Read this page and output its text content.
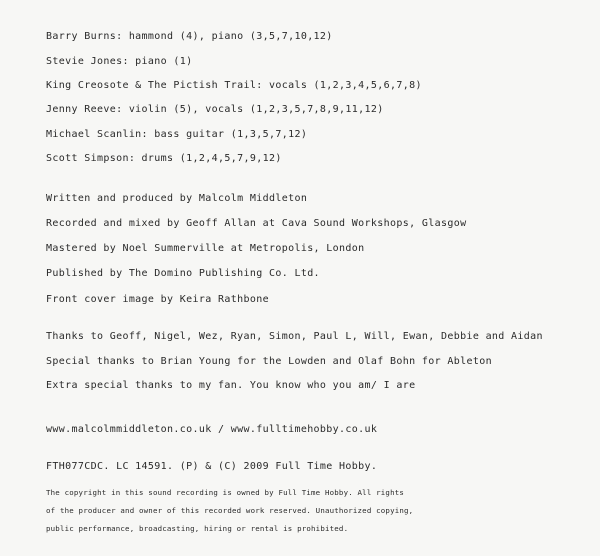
Barry Burns: hammond (4), piano (3,5,7,10,12)
Stevie Jones: piano (1)
King Creosote & The Pictish Trail: vocals (1,2,3,4,5,6,7,8)
Jenny Reeve: violin (5), vocals (1,2,3,5,7,8,9,11,12)
Michael Scanlin: bass guitar (1,3,5,7,12)
Scott Simpson: drums (1,2,4,5,7,9,12)
Written and produced by Malcolm Middleton
Recorded and mixed by Geoff Allan at Cava Sound Workshops, Glasgow
Mastered by Noel Summerville at Metropolis, London
Published by The Domino Publishing Co. Ltd.
Front cover image by Keira Rathbone
Thanks to Geoff, Nigel, Wez, Ryan, Simon, Paul L, Will, Ewan, Debbie and Aidan
Special thanks to Brian Young for the Lowden and Olaf Bohn for Ableton
Extra special thanks to my fan. You know who you am/ I are
www.malcolmmiddleton.co.uk / www.fulltimehobby.co.uk
FTH077CDC. LC 14591. (P) & (C) 2009 Full Time Hobby.
The copyright in this sound recording is owned by Full Time Hobby. All rights
of the producer and owner of this recorded work reserved. Unauthorized copying,
public performance, broadcasting, hiring or rental is prohibited.
